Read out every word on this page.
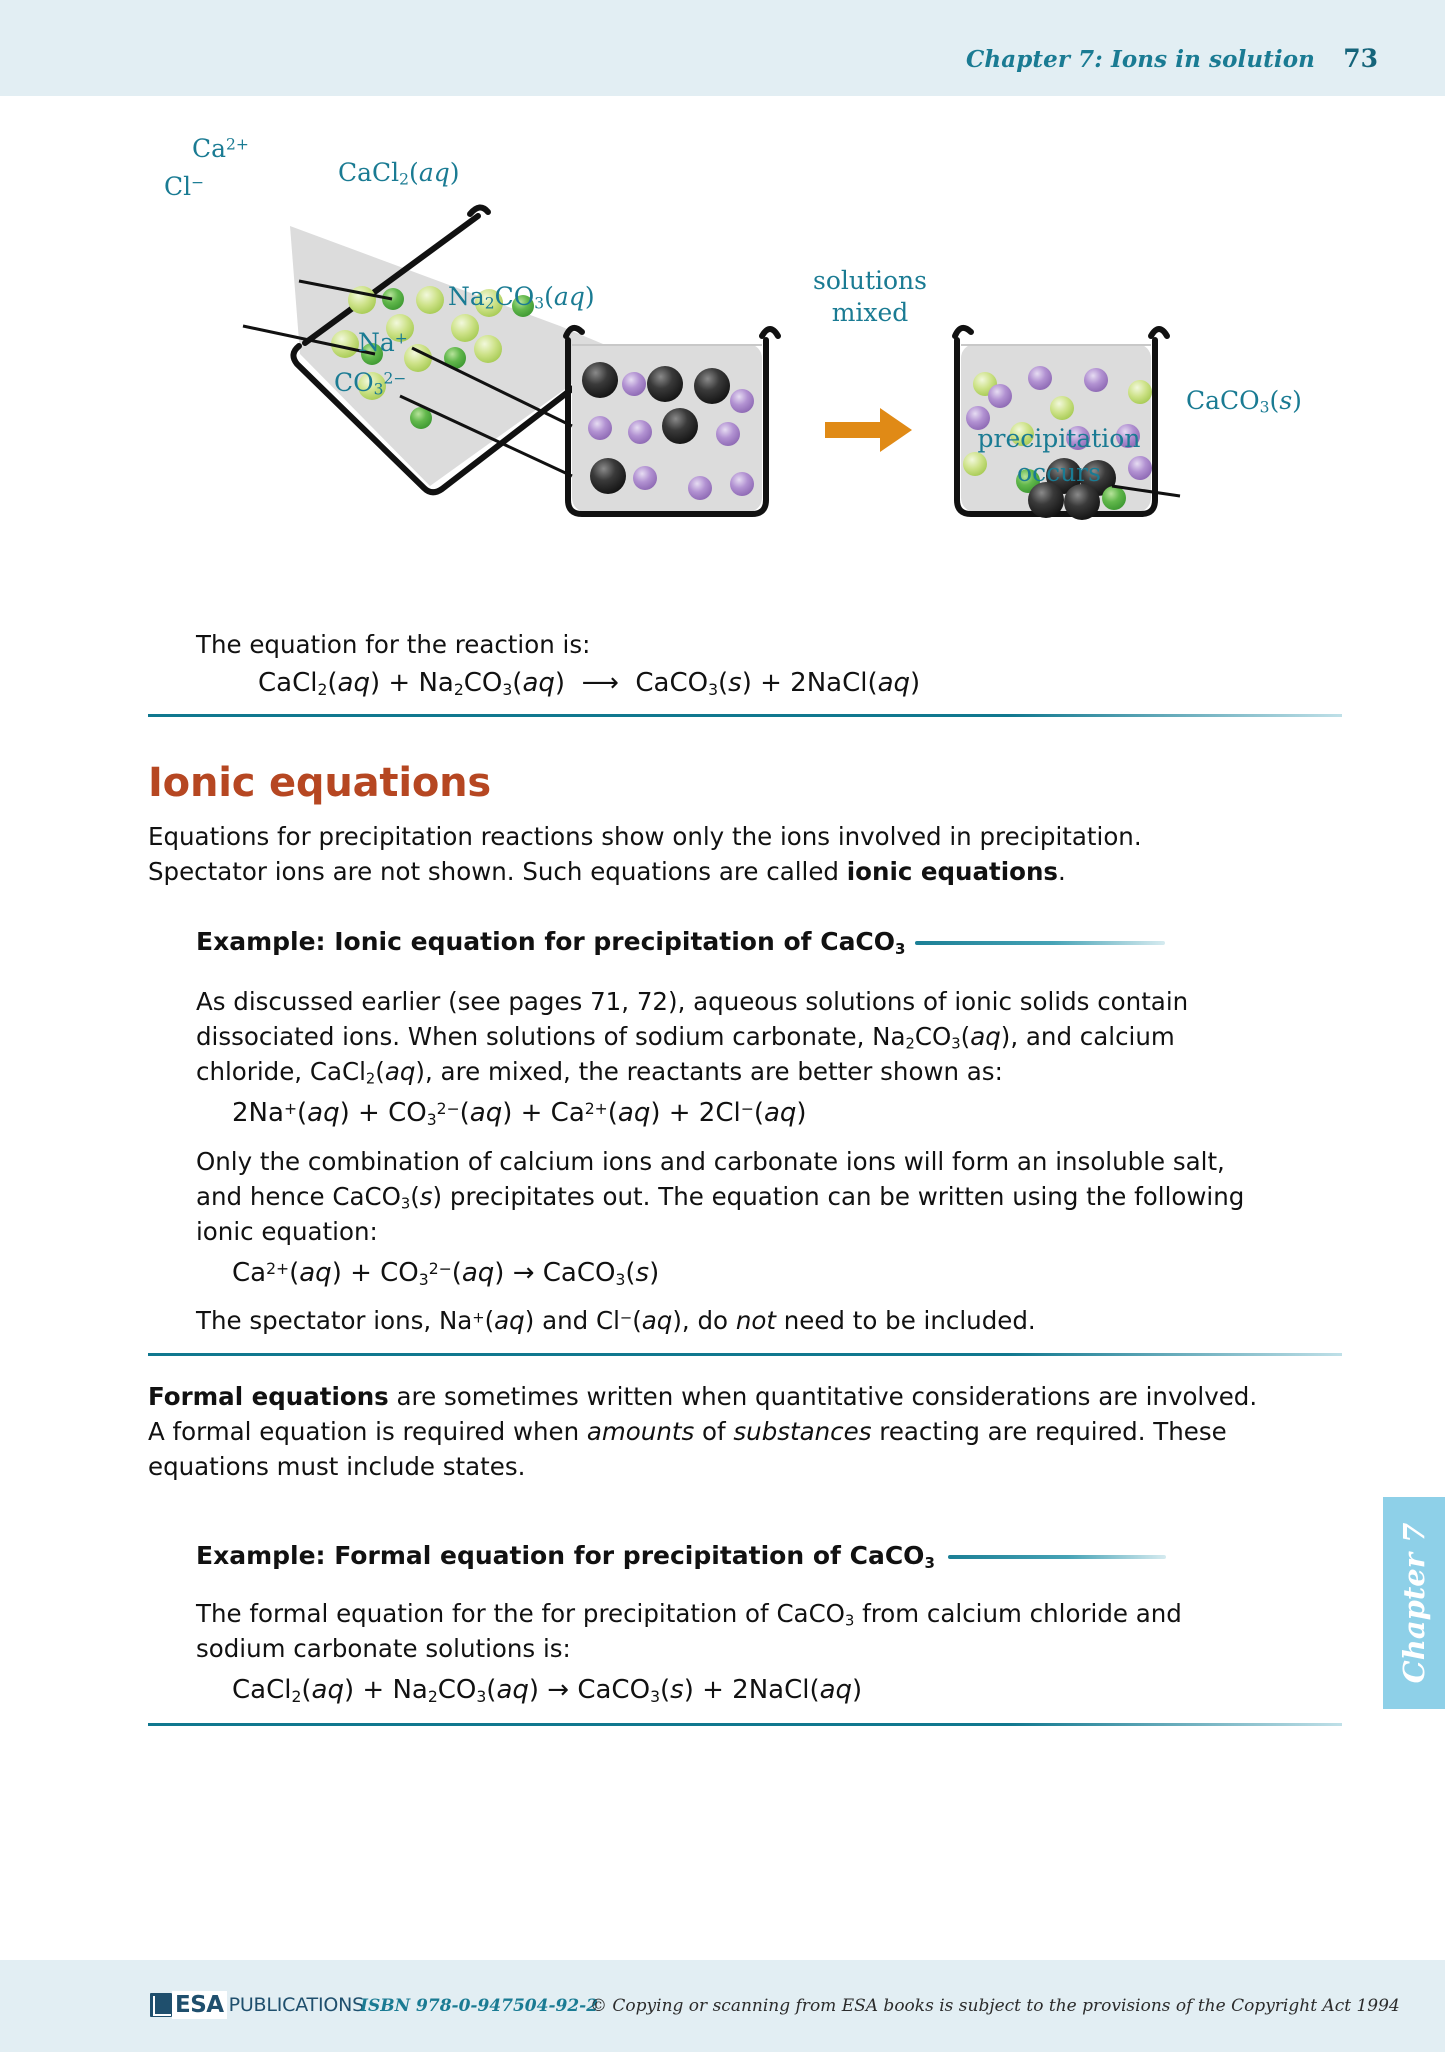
Chapter 7: Ions in solution 73
$Ca^{2+}$
Cl−	CaCl$_2$(aq)
Na+
$CO_3^{2-}$
$Na_2CO_3(aq)$
solutions
mixed
CaCO$_3$(s)
precipitation
occurs
The equation for the reaction is:
CaCl$_2$(aq) + $Na_2CO_3(aq)$  ⟶  CaCO$_3$(s) + 2NaCl(aq)
Ionic equations
Equations for precipitation reactions show only the ions involved in precipitation.
Spectator ions are not shown. Such equations are called ionic equations.
Example: Ionic equation for precipitation of CaCO$_3$
As discussed earlier (see pages 71, 72), aqueous solutions of ionic solids contain
dissociated ions. When solutions of sodium carbonate, $Na_2CO_3(aq)$, and calcium
chloride, CaCl$_2$(aq), are mixed, the reactants are better shown as:
$2Na^+(aq) + CO_3^{2-}(aq) + Ca^{2+}(aq) + 2Cl^-(aq)$
Only the combination of calcium ions and carbonate ions will form an insoluble salt,
and hence CaCO$_3$(s) precipitates out. The equation can be written using the following
ionic equation:
$Ca^{2+}(aq) + CO_3^{2-}(aq)$ → CaCO$_3$(s)
The spectator ions, Na+(aq) and Cl−(aq), do not need to be included.
Formal equations are sometimes written when quantitative considerations are involved.
A formal equation is required when amounts of substances reacting are required. These
equations must include states.
Example: Formal equation for precipitation of CaCO$_3$
The formal equation for the for precipitation of CaCO$_3$ from calcium chloride and
sodium carbonate solutions is:
CaCl$_2$(aq) + $Na_2CO_3(aq)$ → CaCO$_3$(s) + 2NaCl(aq)
Chapter 7
ESA PUBLICATIONS
ISBN 978-0-947504-92-2
© Copying or scanning from ESA books is subject to the provisions of the Copyright Act 1994
